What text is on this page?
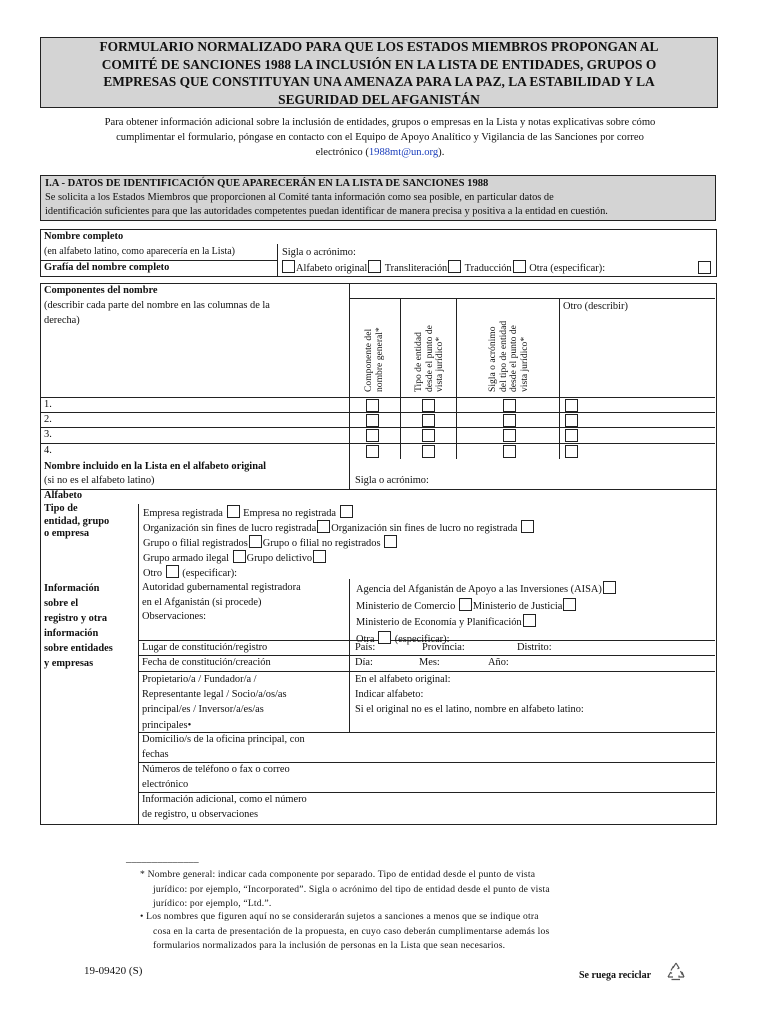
FORMULARIO NORMALIZADO PARA QUE LOS ESTADOS MIEMBROS PROPONGAN AL
COMITÉ DE SANCIONES 1988 LA INCLUSIÓN EN LA LISTA DE ENTIDADES, GRUPOS O
EMPRESAS QUE CONSTITUYAN UNA AMENAZA PARA LA PAZ, LA ESTABILIDAD Y LA
SEGURIDAD DEL AFGANISTÁN
Para obtener información adicional sobre la inclusión de entidades, grupos o empresas en la Lista y notas explicativas sobre cómo
cumplimentar el formulario, póngase en contacto con el Equipo de Apoyo Analítico y Vigilancia de las Sanciones por correo
electrónico (1988mt@un.org).
I.A - DATOS DE IDENTIFICACIÓN QUE APARECERÁN EN LA LISTA DE SANCIONES 1988
Se solicita a los Estados Miembros que proporcionen al Comité tanta información como sea posible, en particular datos de
identificación suficientes para que las autoridades competentes puedan identificar de manera precisa y positiva a la entidad en cuestión.
Nombre completo
(en alfabeto latino, como aparecería en la Lista)	Sigla o acrónimo:
Grafía del nombre completo	Alfabeto original Transliteración Traducción Otra (especificar):
Componentes del nombre
(describir cada parte del nombre en las columnas de la
derecha)
Componente del nombre general*	Tipo de entidad desde el punto de vista jurídico*	Sigla o acrónimo del tipo de entidad desde el punto de vista jurídico*
Otro (describir)
1.
2.
3.
4.
Nombre incluido en la Lista en el alfabeto original
(si no es el alfabeto latino)	Sigla o acrónimo:
Alfabeto
Tipo de
entidad, grupo
o empresa
Empresa registrada Empresa no registrada
Organización sin fines de lucro registrada Organización sin fines de lucro no registrada
Grupo o filial registrados Grupo o filial no registrados
Grupo armado ilegal Grupo delictivo
Otro (especificar):
Información
sobre el
registro y otra
información
sobre entidades
y empresas
Autoridad gubernamental registradora
en el Afganistán (si procede)
Observaciones:
Agencia del Afganistán de Apoyo a las Inversiones (AISA)
Ministerio de Comercio Ministerio de Justicia
Ministerio de Economía y Planificación
Otra (especificar):
Lugar de constitución/registro	País:	Provincia:	Distrito:
Fecha de constitución/creación	Día:	Mes:	Año:
Propietario/a / Fundador/a /
Representante legal / Socio/a/os/as
principal/es / Inversor/a/es/as
principales•
En el alfabeto original:
Indicar alfabeto:
Si el original no es el latino, nombre en alfabeto latino:
Domicilio/s de la oficina principal, con
fechas
Números de teléfono o fax o correo
electrónico
Información adicional, como el número
de registro, u observaciones
______________
* Nombre general: indicar cada componente por separado. Tipo de entidad desde el punto de vista
jurídico: por ejemplo, “Incorporated”. Sigla o acrónimo del tipo de entidad desde el punto de vista
jurídico: por ejemplo, “Ltd.”.
• Los nombres que figuren aquí no se considerarán sujetos a sanciones a menos que se indique otra
cosa en la carta de presentación de la propuesta, en cuyo caso deberán cumplimentarse además los
formularios normalizados para la inclusión de personas en la Lista que sean necesarios.
19-09420 (S)	Se ruega reciclar
